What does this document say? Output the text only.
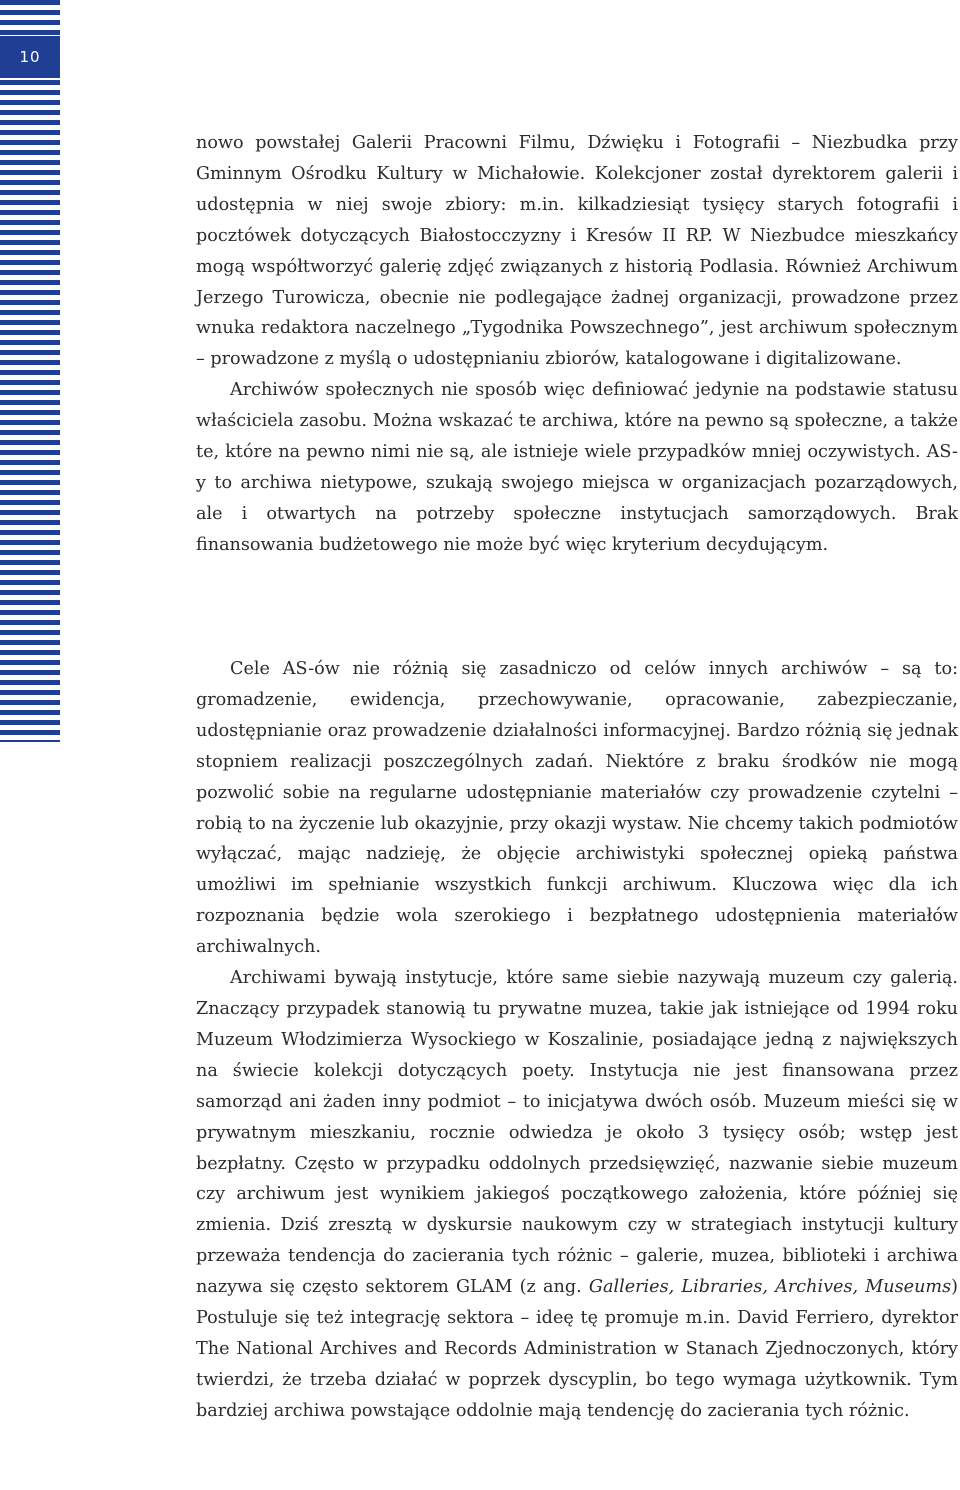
10

nowo powstałej Galerii Pracowni Filmu, Dźwięku i Fotografii – Niezbudka przy Gminnym Ośrodku Kultury w Michałowie. Kolekcjoner został dyrektorem galerii i udostępnia w niej swoje zbiory: m.in. kilkadziesiąt tysięcy starych fotografii i pocztówek dotyczących Białostocczyzny i Kresów II RP. W Niezbudce mieszkańcy mogą współtworzyć galerię zdjęć związanych z historią Podlasia. Również Archiwum Jerzego Turowicza, obecnie nie podlegające żadnej organizacji, prowadzone przez wnuka redaktora naczelnego „Tygodnika Powszechnego”, jest archiwum społecznym – prowadzone z myślą o udostępnianiu zbiorów, katalogowane i digitalizowane.

Archiwów społecznych nie sposób więc definiować jedynie na podstawie statusu właściciela zasobu. Można wskazać te archiwa, które na pewno są społeczne, a także te, które na pewno nimi nie są, ale istnieje wiele przypadków mniej oczywistych. AS-y to archiwa nietypowe, szukają swojego miejsca w organizacjach pozarządowych, ale i otwartych na potrzeby społeczne instytucjach samorządowych. Brak finansowania budżetowego nie może być więc kryterium decydującym.

Cele AS-ów nie różnią się zasadniczo od celów innych archiwów – są to: gromadzenie, ewidencja, przechowywanie, opracowanie, zabezpieczanie, udostępnianie oraz prowadzenie działalności informacyjnej. Bardzo różnią się jednak stopniem realizacji poszczególnych zadań. Niektóre z braku środków nie mogą pozwolić sobie na regularne udostępnianie materiałów czy prowadzenie czytelni – robią to na życzenie lub okazyjnie, przy okazji wystaw. Nie chcemy takich podmiotów wyłączać, mając nadzieję, że objęcie archiwistyki społecznej opieką państwa umożliwi im spełnianie wszystkich funkcji archiwum. Kluczowa więc dla ich rozpoznania będzie wola szerokiego i bezpłatnego udostępnienia materiałów archiwalnych.

Archiwami bywają instytucje, które same siebie nazywają muzeum czy galerią. Znaczący przypadek stanowią tu prywatne muzea, takie jak istniejące od 1994 roku Muzeum Włodzimierza Wysockiego w Koszalinie, posiadające jedną z największych na świecie kolekcji dotyczących poety. Instytucja nie jest finansowana przez samorząd ani żaden inny podmiot – to inicjatywa dwóch osób. Muzeum mieści się w prywatnym mieszkaniu, rocznie odwiedza je około 3 tysięcy osób; wstęp jest bezpłatny. Często w przypadku oddolnych przedsięwzięć, nazwanie siebie muzeum czy archiwum jest wynikiem jakiegoś początkowego założenia, które później się zmienia. Dziś zresztą w dyskursie naukowym czy w strategiach instytucji kultury przeważa tendencja do zacierania tych różnic – galerie, muzea, biblioteki i archiwa nazywa się często sektorem GLAM (z ang. Galleries, Libraries, Archives, Museums) Postuluje się też integrację sektora – ideę tę promuje m.in. David Ferriero, dyrektor The National Archives and Records Administration w Stanach Zjednoczonych, który twierdzi, że trzeba działać w poprzek dyscyplin, bo tego wymaga użytkownik. Tym bardziej archiwa powstające oddolnie mają tendencję do zacierania tych różnic.
